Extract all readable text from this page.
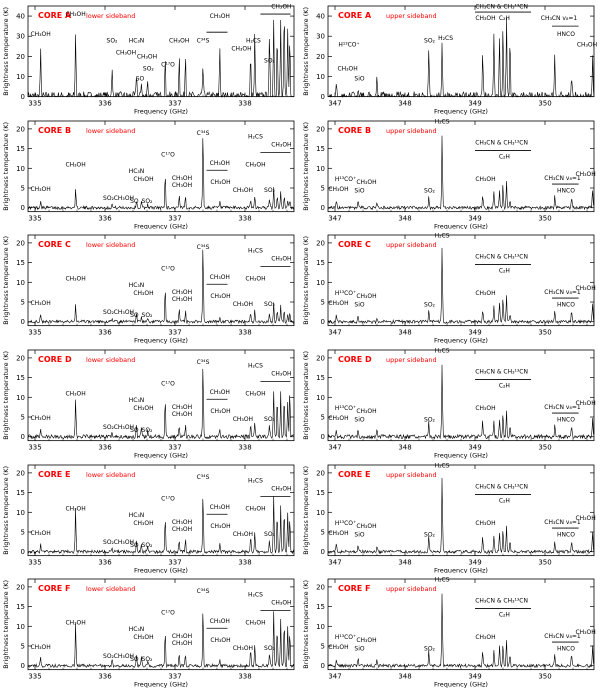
335	336	337	338
0
10
20
30
40
Frequency (GHz)
Brightness temperature (K)	CORE A lower sideband
CH₃OH
CH₃OH
SO₂ HC₃N
CH₃OH
CH₃OH
SO₂
SO
C¹⁷O
CH₃OH C³⁴S
CH₃OH
CH₃OH
H₂CS
CH₃OH
SO₂
347	348	349	350
0
10
20
30
40
Frequency (GHz)
Brightness temperature (K)	CORE A upper sideband
CH₃OH
H¹³CO⁺
SiO
SO₂ H₂CS
CH₃CN & CH₃¹³CN
CH₃OH C₂H	CH₃CN v₈=1
HNCO
CH₃OH
335	336	337	338
0
5
10
15
20
Frequency (GHz)
Brightness temperature (K)	CORE B lower sideband
CH₃OH
CH₃OH
SO₂ CH₃OH
HC₃N
CH₃OH
SO SO₂
C¹⁷O
CH₃OH
CH₃OH
C³⁴S
CH₃OH
CH₃OH
CH₃OH
H₂CS
CH₃OH SO₂
CH₃OH
347	348	349	350
0
5
10
15
20
Frequency (GHz)
Brightness temperature (K)	CORE B upper sideband
CH₃OH
H¹³CO⁺ CH₃OH
SiO	SO₂
H₂CS
CH₃CN & CH₃¹³CN
C₂H
CH₃OH	CH₃CN v₈=1
HNCO
CH₃OH
335	336	337	338
0
5
10
15
20
Frequency (GHz)
Brightness temperature (K)	CORE C lower sideband
CH₃OH
CH₃OH
SO₂ CH₃OH
HC₃N
CH₃OH
SO SO₂
C¹⁷O
CH₃OH
CH₃OH
C³⁴S
CH₃OH
CH₃OH
CH₃OH
H₂CS
CH₃OH SO₂
CH₃OH
347	348	349	350
0
5
10
15
20
Frequency (GHz)
Brightness temperature (K)	CORE C upper sideband
CH₃OH
H¹³CO⁺ CH₃OH
SiO	SO₂
H₂CS
CH₃CN & CH₃¹³CN
C₂H
CH₃OH	CH₃CN v₈=1
HNCO
CH₃OH
335	336	337	338
0
5
10
15
20
Frequency (GHz)
Brightness temperature (K)	CORE D lower sideband
CH₃OH
CH₃OH
SO₂ CH₃OH
HC₃N
CH₃OH
SO SO₂
C¹⁷O
CH₃OH
CH₃OH
C³⁴S
CH₃OH
CH₃OH
CH₃OH
H₂CS
CH₃OH SO₂
CH₃OH
347	348	349	350
0
5
10
15
20
Frequency (GHz)
Brightness temperature (K)	CORE D upper sideband
CH₃OH
H¹³CO⁺ CH₃OH
SiO	SO₂
H₂CS
CH₃CN & CH₃¹³CN
C₂H
CH₃OH	CH₃CN v₈=1
HNCO
CH₃OH
335	336	337	338
0
5
10
15
20
Frequency (GHz)
Brightness temperature (K)	CORE E lower sideband
CH₃OH
CH₃OH
SO₂ CH₃OH
HC₃N
CH₃OH
SO SO₂
C¹⁷O
CH₃OH
CH₃OH
C³⁴S
CH₃OH
CH₃OH
CH₃OH
H₂CS
CH₃OH SO₂
CH₃OH
347	348	349	350
0
5
10
15
20
Frequency (GHz)
Brightness temperature (K)	CORE E upper sideband
CH₃OH
H¹³CO⁺ CH₃OH
SiO	SO₂
H₂CS
CH₃CN & CH₃¹³CN
C₂H
CH₃OH	CH₃CN v₈=1
HNCO
CH₃OH
335	336	337	338
0
5
10
15
20
Frequency (GHz)
Brightness temperature (K)	CORE F lower sideband
CH₃OH
CH₃OH
SO₂ CH₃OH
HC₃N
CH₃OH
SO SO₂
C¹⁷O
CH₃OH
CH₃OH
C³⁴S
CH₃OH
CH₃OH
CH₃OH
H₂CS
CH₃OH SO₂
CH₃OH
347	348	349	350
0
5
10
15
20
Frequency (GHz)
Brightness temperature (K)	CORE F upper sideband
CH₃OH
H¹³CO⁺ CH₃OH
SiO	SO₂
H₂CS
CH₃CN & CH₃¹³CN
C₂H
CH₃OH	CH₃CN v₈=1
HNCO
CH₃OH
